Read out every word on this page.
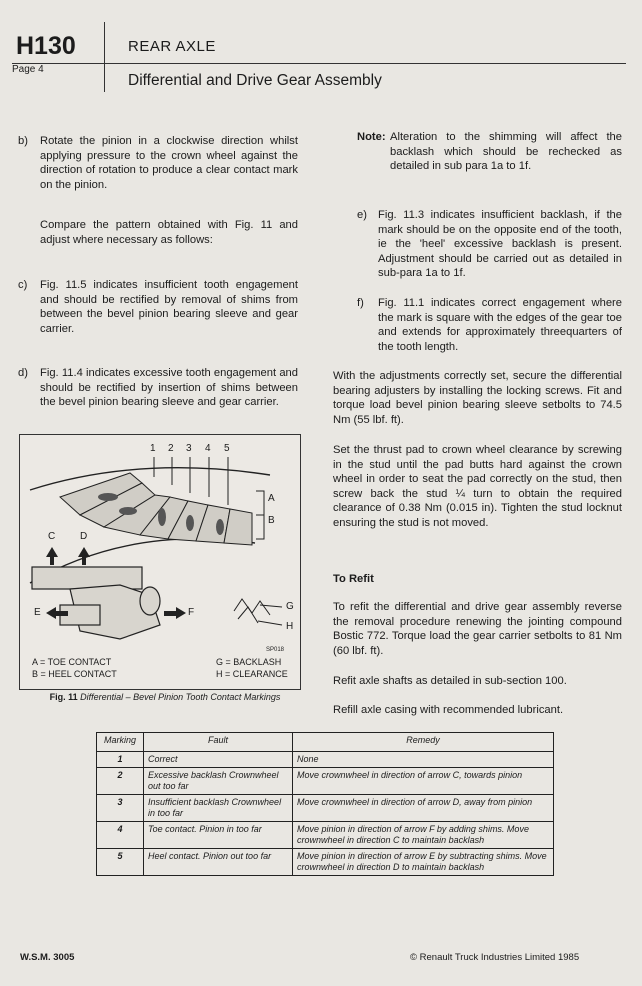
H130
Page 4
REAR AXLE
Differential and Drive Gear Assembly
b) Rotate the pinion in a clockwise direction whilst applying pressure to the crown wheel against the direction of rotation to produce a clear contact mark on the pinion.
Compare the pattern obtained with Fig. 11 and adjust where necessary as follows:
c) Fig. 11.5 indicates insufficient tooth engagement and should be rectified by removal of shims from between the bevel pinion bearing sleeve and gear carrier.
d) Fig. 11.4 indicates excessive tooth engagement and should be rectified by insertion of shims between the bevel pinion bearing sleeve and gear carrier.
1 2 3 4 5
A
B
C D
E	F
G
H
SP018
A = TOE CONTACT
B = HEEL CONTACT
G = BACKLASH
H = CLEARANCE
Fig. 11 Differential – Bevel Pinion Tooth Contact Markings
Note: Alteration to the shimming will affect the backlash which should be rechecked as detailed in sub para 1a to 1f.
e) Fig. 11.3 indicates insufficient backlash, if the mark should be on the opposite end of the tooth, ie the 'heel' excessive backlash is present. Adjustment should be carried out as detailed in sub-para 1a to 1f.
f) Fig. 11.1 indicates correct engagement where the mark is square with the edges of the gear toe and extends for approximately threequarters of the tooth length.
With the adjustments correctly set, secure the differential bearing adjusters by installing the locking screws. Fit and torque load bevel pinion bearing sleeve setbolts to 74.5 Nm (55 lbf. ft).
Set the thrust pad to crown wheel clearance by screwing in the stud until the pad butts hard against the crown wheel in order to seat the pad correctly on the stud, then screw back the stud ¼ turn to obtain the required clearance of 0.38 Nm (0.015 in). Tighten the stud locknut ensuring the stud is not moved.
To Refit
To refit the differential and drive gear assembly reverse the removal procedure renewing the jointing compound Bostic 772. Torque load the gear carrier setbolts to 81 Nm (60 lbf. ft).
Refit axle shafts as detailed in sub-section 100.
Refill axle casing with recommended lubricant.
Marking	Fault	Remedy
1	Correct	None
2	Excessive backlash Crownwheel out too far	Move crownwheel in direction of arrow C, towards pinion
3	Insufficient backlash Crownwheel in too far	Move crownwheel in direction of arrow D, away from pinion
4	Toe contact. Pinion in too far	Move pinion in direction of arrow F by adding shims. Move crownwheel in direction C to maintain backlash
5	Heel contact. Pinion out too far	Move pinion in direction of arrow E by subtracting shims. Move crownwheel in direction D to maintain backlash
W.S.M. 3005	© Renault Truck Industries Limited 1985
